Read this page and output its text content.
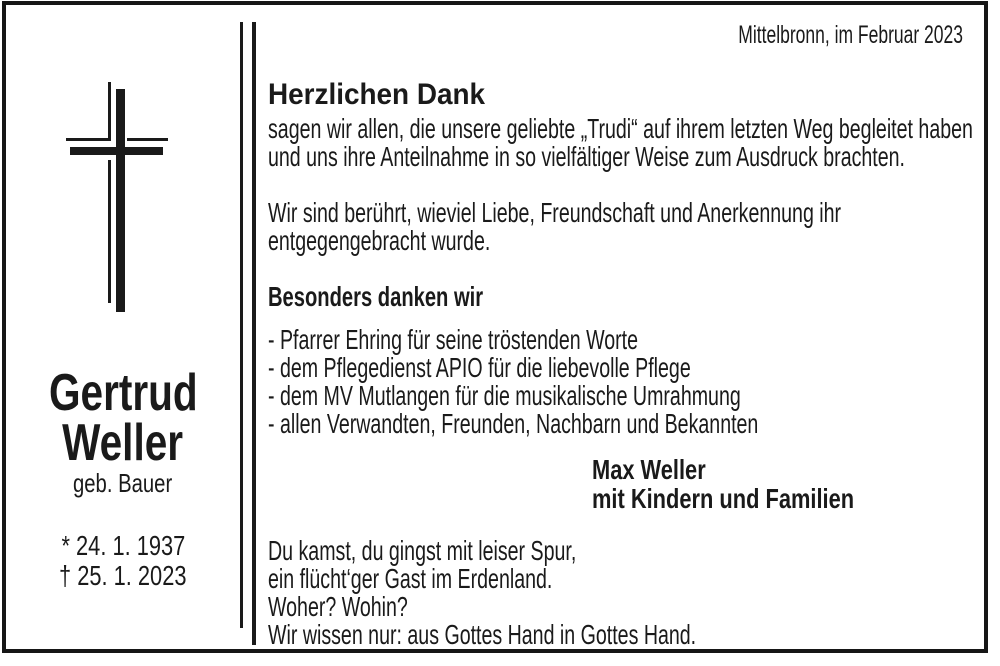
Gertrud
Weller
geb. Bauer
* 24. 1. 1937
† 25. 1. 2023
Mittelbronn, im Februar 2023
Herzlichen Dank
sagen wir allen, die unsere geliebte „Trudi“ auf ihrem letzten Weg begleitet haben
und uns ihre Anteilnahme in so vielfältiger Weise zum Ausdruck brachten.
Wir sind berührt, wieviel Liebe, Freundschaft und Anerkennung ihr
entgegengebracht wurde.
Besonders danken wir
- Pfarrer Ehring für seine tröstenden Worte
- dem Pflegedienst APIO für die liebevolle Pflege
- dem MV Mutlangen für die musikalische Umrahmung
- allen Verwandten, Freunden, Nachbarn und Bekannten
Max Weller
mit Kindern und Familien
Du kamst, du gingst mit leiser Spur,
ein flücht‘ger Gast im Erdenland.
Woher? Wohin?
Wir wissen nur: aus Gottes Hand in Gottes Hand.
